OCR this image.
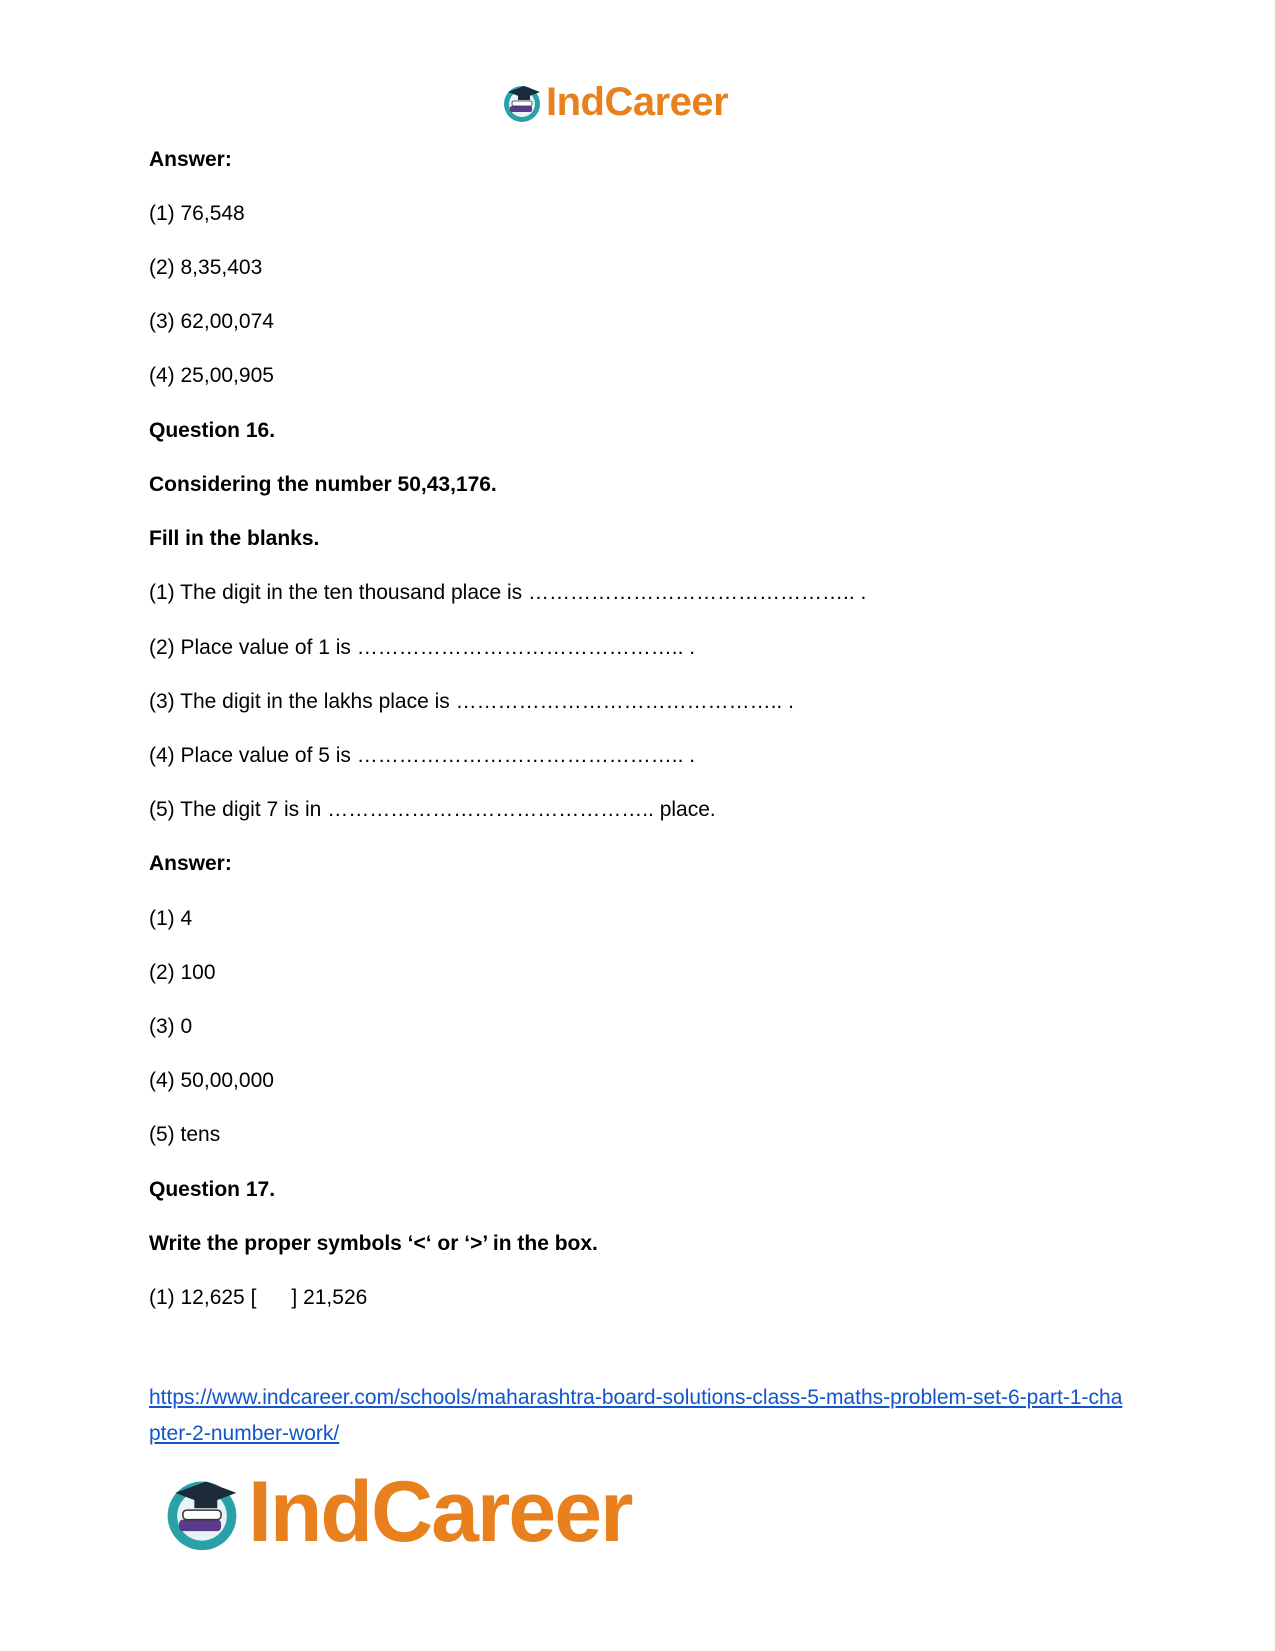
IndCareer
Answer:
(1) 76,548
(2) 8,35,403
(3) 62,00,074
(4) 25,00,905
Question 16.
Considering the number 50,43,176.
Fill in the blanks.
(1) The digit in the ten thousand place is ……………………………………….. .
(2) Place value of 1 is ……………………………………….. .
(3) The digit in the lakhs place is ……………………………………….. .
(4) Place value of 5 is ……………………………………….. .
(5) The digit 7 is in ……………………………………….. place.
Answer:
(1) 4
(2) 100
(3) 0
(4) 50,00,000
(5) tens
Question 17.
Write the proper symbols ‘<‘ or ‘>’ in the box.
(1) 12,625 [      ] 21,526
https://www.indcareer.com/schools/maharashtra-board-solutions-class-5-maths-problem-set-6-part-1-chapter-2-number-work/
IndCareer
